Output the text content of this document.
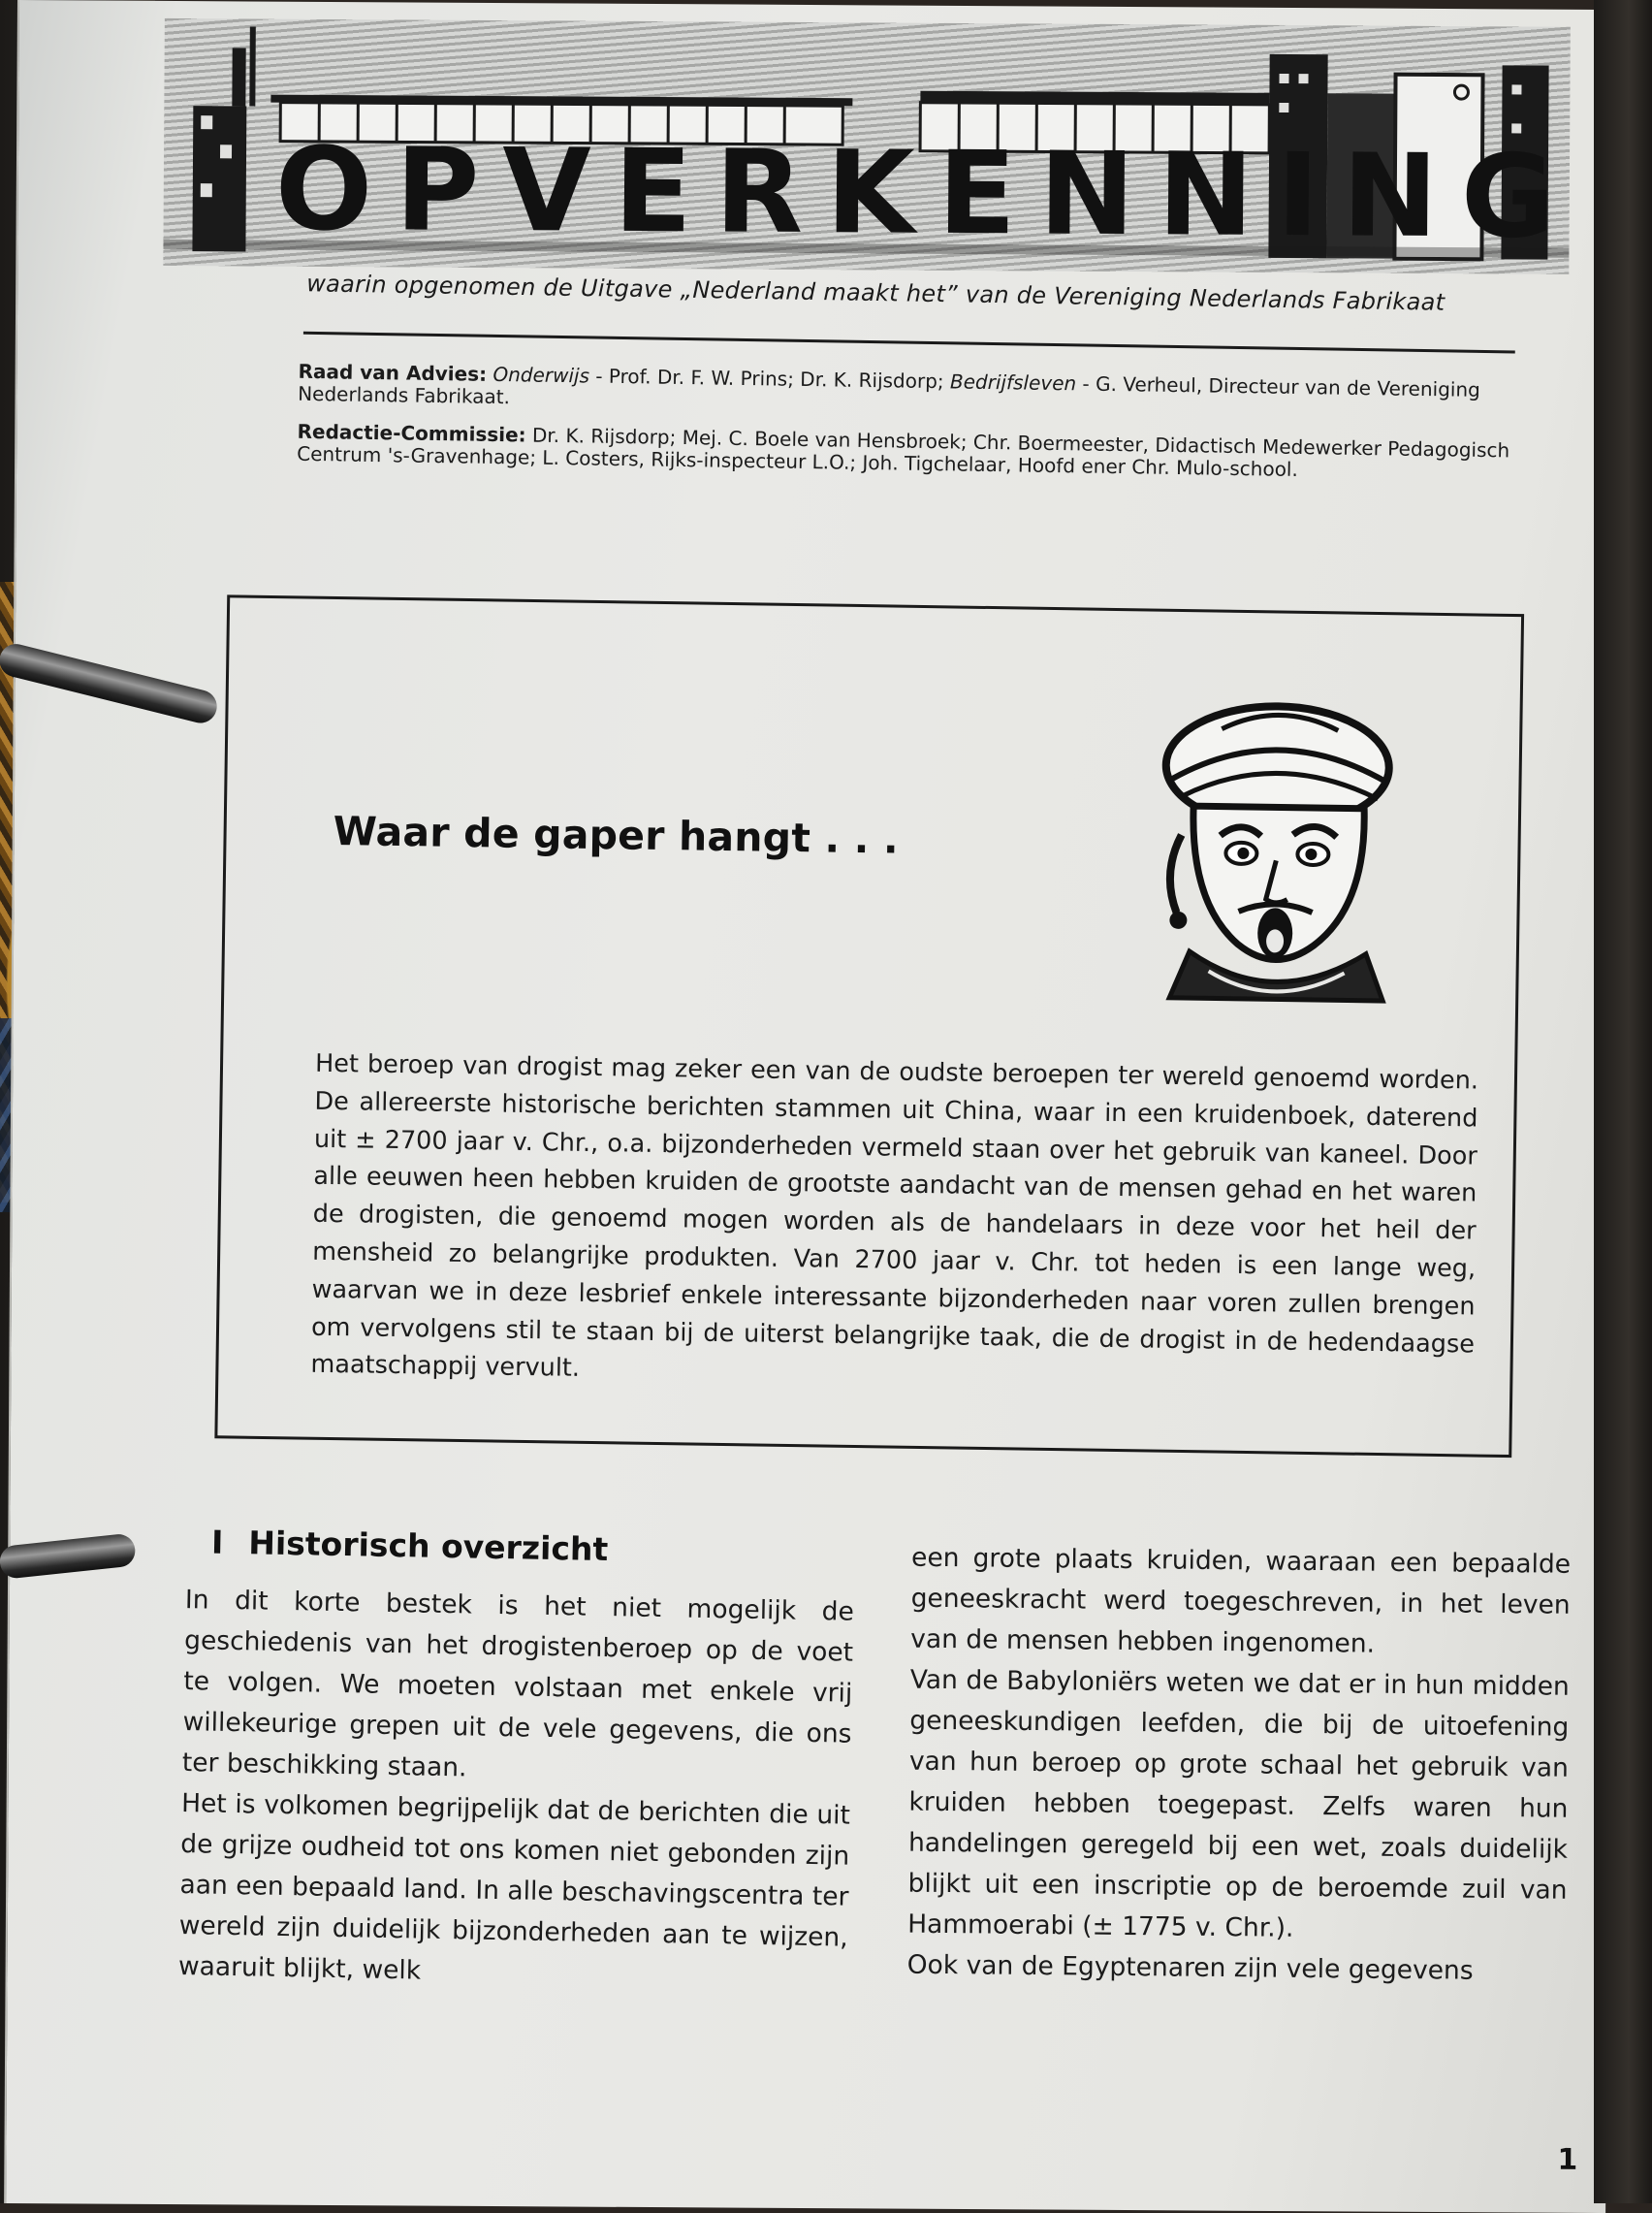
O P V E R K E N N I N G
waarin opgenomen de Uitgave „Nederland maakt het” van de Vereniging Nederlands Fabrikaat

Raad van Advies: Onderwijs - Prof. Dr. F. W. Prins; Dr. K. Rijsdorp; Bedrijfsleven - G. Verheul, Directeur van de Vereniging Nederlands Fabrikaat.

Redactie-Commissie: Dr. K. Rijsdorp; Mej. C. Boele van Hensbroek; Chr. Boermeester, Didactisch Medewerker Pedagogisch Centrum 's-Gravenhage; L. Costers, Rijks-inspecteur L.O.; Joh. Tigchelaar, Hoofd ener Chr. Mulo-school.

Waar de gaper hangt . . .
Het beroep van drogist mag zeker een van de oudste beroepen ter wereld genoemd worden. De allereerste historische berichten stammen uit China, waar in een kruidenboek, daterend uit ± 2700 jaar v. Chr., o.a. bijzonderheden vermeld staan over het gebruik van kaneel. Door alle eeuwen heen hebben kruiden de grootste aandacht van de mensen gehad en het waren de drogisten, die genoemd mogen worden als de handelaars in deze voor het heil der mensheid zo belangrijke produkten. Van 2700 jaar v. Chr. tot heden is een lange weg, waarvan we in deze lesbrief enkele interessante bijzonderheden naar voren zullen brengen om vervolgens stil te staan bij de uiterst belangrijke taak, die de drogist in de hedendaagse maatschappij vervult.
I Historisch overzicht

In dit korte bestek is het niet mogelijk de geschiedenis van het drogistenberoep op de voet te volgen. We moeten volstaan met enkele vrij willekeurige grepen uit de vele gegevens, die ons ter beschikking staan.

Het is volkomen begrijpelijk dat de berichten die uit de grijze oudheid tot ons komen niet gebonden zijn aan een bepaald land. In alle beschavingscentra ter wereld zijn duidelijk bijzonderheden aan te wijzen, waaruit blijkt, welk

een grote plaats kruiden, waaraan een bepaalde geneeskracht werd toegeschreven, in het leven van de mensen hebben ingenomen.

Van de Babyloniërs weten we dat er in hun midden geneeskundigen leefden, die bij de uitoefening van hun beroep op grote schaal het gebruik van kruiden hebben toegepast. Zelfs waren hun handelingen geregeld bij een wet, zoals duidelijk blijkt uit een inscriptie op de beroemde zuil van Hammoerabi (± 1775 v. Chr.).

Ook van de Egyptenaren zijn vele gegevens

1
